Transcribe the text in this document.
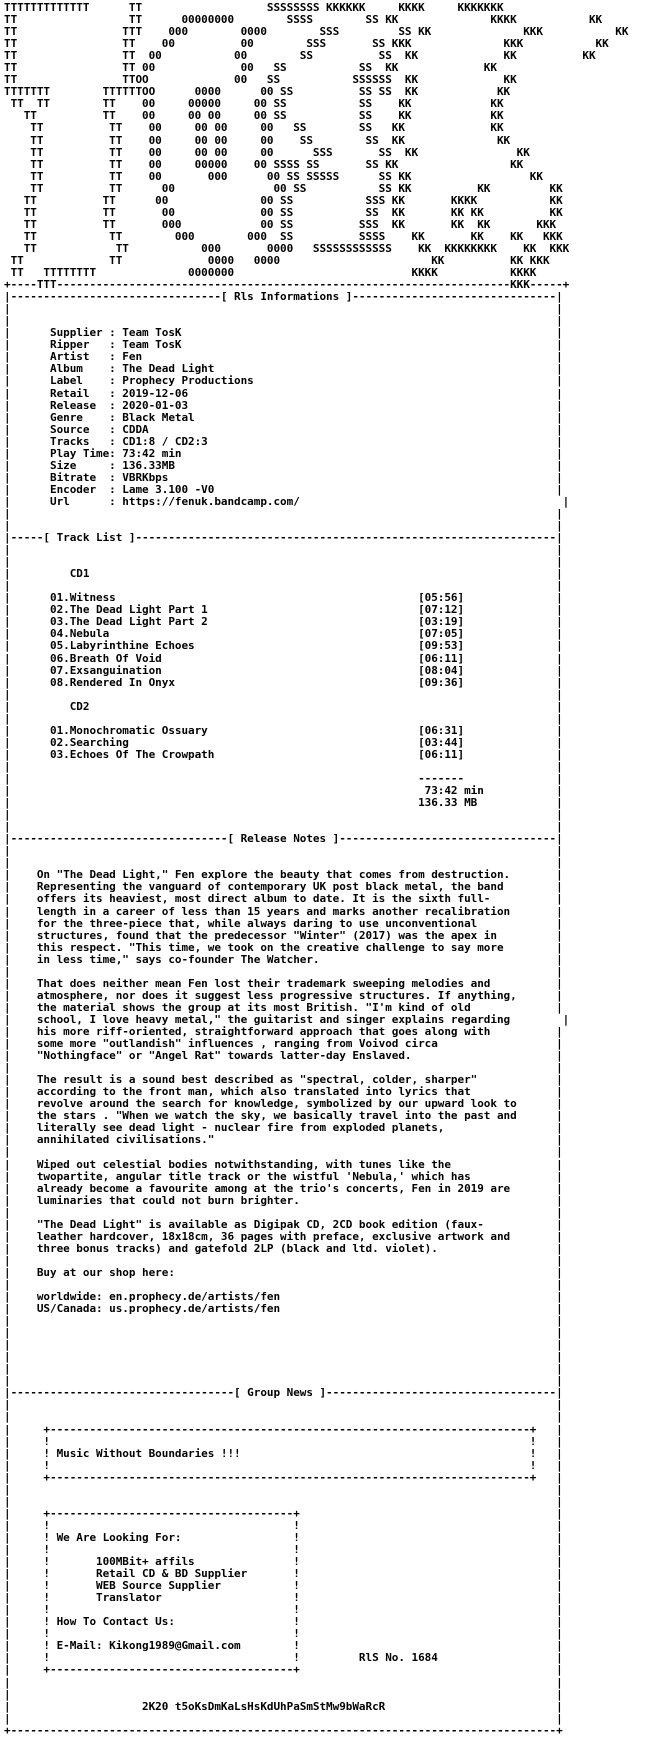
TTTTTTTTTTTTT      TT                   SSSSSSSS KKKKKK     KKKK     KKKKKKK
TT                 TT      00000000        SSSS        SS KK              KKKK           KK
TT                TTT    000        0000        SSS         SS KK              KKK           KK
TT                TT    00          00        SSS       SS KKK              KKK           KK
TT                TT  00           00        SS          SS  KK             KK          KK
TT                TT 00             00   SS           SS  KK             KK
TT                TTOO             00   SS           SSSSSS  KK             KK
TTTTTTT        TTTTTTOO      0000      00 SS          SS SS  KK            KK
TT  TT        TT    00     00000     00 SS           SS    KK            KK
TT          TT    00     00 00     00 SS           SS    KK            KK
TT          TT    00     00 00     00   SS        SS   KK             KK
TT          TT    00     00 00     00    SS        SS  KK              KK
TT          TT    00     00 00     00      SSS       SS  KK               KK
TT          TT    00     00000    00 SSSS SS       SS KK                 KK
TT          TT    00       000      00 SS SSSSS      SS KK                  KK
TT          TT      00               00 SS           SS KK          KK         KK
TT          TT      00              00 SS           SSS KK       KKKK           KK
TT          TT       00             00 SS           SS  KK       KK KK          KK
TT          TT       000            00 SS          SSS  KK       KK  KK       KKK
TT           TT        000        000  SS          SSSS    KK       KK    KK   KKK
TT            TT           000       0000   SSSSSSSSSSSS    KK  KKKKKKKK    KK  KKK
TT             TT             0000   0000                       KK          KK KKK
TT   TTTTTTTT              0000000                           KKKK           KKKK
+----TTT---------------------------------------------------------------------KKK-----+
|--------------------------------[ Rls Informations ]-------------------------------|
|                                                                                   |
|                                                                                   |
|      Supplier : Team TosK                                                         |
|      Ripper   : Team TosK                                                         |
|      Artist   : Fen                                                               |
|      Album    : The Dead Light                                                    |
|      Label    : Prophecy Productions                                              |
|      Retail   : 2019-12-06                                                        |
|      Release  : 2020-01-03                                                        |
|      Genre    : Black Metal                                                       |
|      Source   : CDDA                                                              |
|      Tracks   : CD1:8 / CD2:3                                                     |
|      Play Time: 73:42 min                                                         |
|      Size     : 136.33MB                                                          |
|      Bitrate  : VBRKbps                                                           |
|      Encoder  : Lame 3.100 -V0                                                    |
|      Url      : https://fenuk.bandcamp.com/                                        |
|                                                                                   |
|                                                                                   |
|-----[ Track List ]----------------------------------------------------------------|
|                                                                                   |
|                                                                                   |
|         CD1                                                                       |
|                                                                                   |
|      01.Witness                                              [05:56]              |
|      02.The Dead Light Part 1                                [07:12]              |
|      03.The Dead Light Part 2                                [03:19]              |
|      04.Nebula                                               [07:05]              |
|      05.Labyrinthine Echoes                                  [09:53]              |
|      06.Breath Of Void                                       [06:11]              |
|      07.Exsanguination                                       [08:04]              |
|      08.Rendered In Onyx                                     [09:36]              |
|                                                                                   |
|         CD2                                                                       |
|                                                                                   |
|      01.Monochromatic Ossuary                                [06:31]              |
|      02.Searching                                            [03:44]              |
|      03.Echoes Of The Crowpath                               [06:11]              |
|                                                                                   |
|                                                              -------              |
|                                                               73:42 min           |
|                                                              136.33 MB            |
|                                                                                   |
|                                                                                   |
|---------------------------------[ Release Notes ]---------------------------------|
|                                                                                   |
|                                                                                   |
|    On "The Dead Light," Fen explore the beauty that comes from destruction.       |
|    Representing the vanguard of contemporary UK post black metal, the band        |
|    offers its heaviest, most direct album to date. It is the sixth full-          |
|    length in a career of less than 15 years and marks another recalibration       |
|    for the three-piece that, while always daring to use unconventional            |
|    structures, found that the predecessor "Winter" (2017) was the apex in         |
|    this respect. "This time, we took on the creative challenge to say more        |
|    in less time," says co-founder The Watcher.                                    |
|                                                                                   |
|    That does neither mean Fen lost their trademark sweeping melodies and          |
|    atmosphere, nor does it suggest less progressive structures. If anything,      |
|    the material shows the group at its most British. "I'm kind of old             |
|    school, I love heavy metal," the guitarist and singer explains regarding        |
|    his more riff-oriented, straightforward approach that goes along with          |
|    some more "outlandish" influences , ranging from Voivod circa                  |
|    "Nothingface" or "Angel Rat" towards latter-day Enslaved.                      |
|                                                                                   |
|    The result is a sound best described as "spectral, colder, sharper"            |
|    according to the front man, which also translated into lyrics that             |
|    revolve around the search for knowledge, symbolized by our upward look to      |
|    the stars . "When we watch the sky, we basically travel into the past and      |
|    literally see dead light - nuclear fire from exploded planets,                 |
|    annihilated civilisations."                                                    |
|                                                                                   |
|    Wiped out celestial bodies notwithstanding, with tunes like the                |
|    twopartite, angular title track or the wistful 'Nebula,' which has             |
|    already become a favourite among at the trio's concerts, Fen in 2019 are       |
|    luminaries that could not burn brighter.                                       |
|                                                                                   |
|    "The Dead Light" is available as Digipak CD, 2CD book edition (faux-           |
|    leather hardcover, 18x18cm, 36 pages with preface, exclusive artwork and       |
|    three bonus tracks) and gatefold 2LP (black and ltd. violet).                  |
|                                                                                   |
|    Buy at our shop here:                                                          |
|                                                                                   |
|    worldwide: en.prophecy.de/artists/fen                                          |
|    US/Canada: us.prophecy.de/artists/fen                                          |
|                                                                                   |
|                                                                                   |
|                                                                                   |
|                                                                                   |
|                                                                                   |
|                                                                                   |
|----------------------------------[ Group News ]-----------------------------------|
|                                                                                   |
|                                                                                   |
|     +-------------------------------------------------------------------------+   |
|     !                                                                         !   |
|     ! Music Without Boundaries !!!                                            !   |
|     !                                                                         !   |
|     +-------------------------------------------------------------------------+   |
|                                                                                   |
|                                                                                   |
|     +-------------------------------------+                                       |
|     !                                     !                                       |
|     ! We Are Looking For:                 !                                       |
|     !                                     !                                       |
|     !       100MBit+ affils               !                                       |
|     !       Retail CD & BD Supplier       !                                       |
|     !       WEB Source Supplier           !                                       |
|     !       Translator                    !                                       |
|     !                                     !                                       |
|     ! How To Contact Us:                  !                                       |
|     !                                     !                                       |
|     ! E-Mail: Kikong1989@Gmail.com        !                                       |
|     !                                     !         RlS No. 1684                  |
|     +-------------------------------------+                                       |
|                                                                                   |
|                                                                                   |
|                    2K20 t5oKsDmKaLsHsKdUhPaSmStMw9bWaRcR                          |
|                                                                                   |
+-----------------------------------------------------------------------------------+
